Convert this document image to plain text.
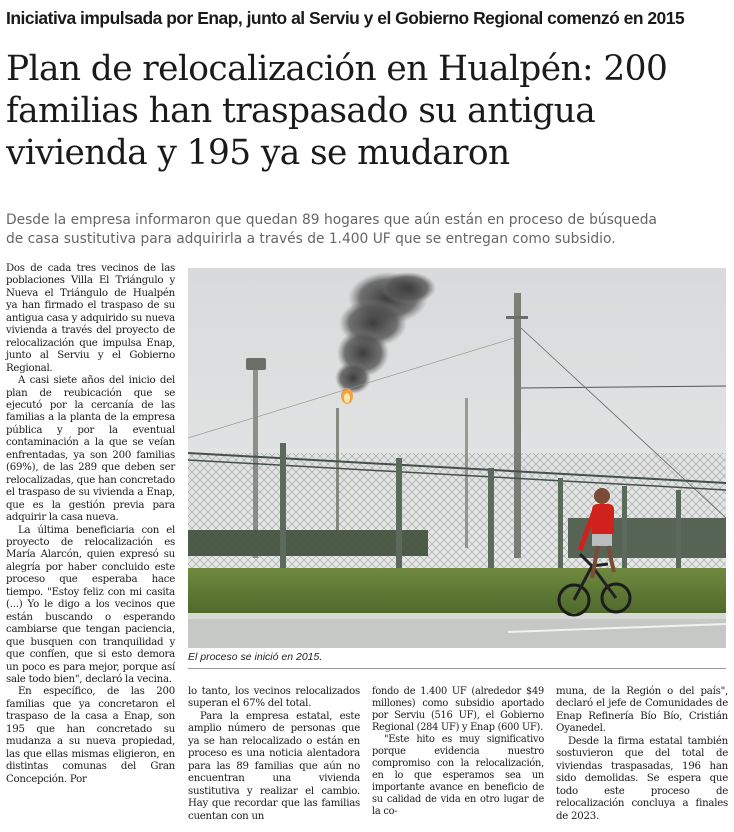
Iniciativa impulsada por Enap, junto al Serviu y el Gobierno Regional comenzó en 2015
Plan de relocalización en Hualpén: 200
familias han traspasado su antigua
vivienda y 195 ya se mudaron
Desde la empresa informaron que quedan 89 hogares que aún están en proceso de búsqueda
de casa sustitutiva para adquirirla a través de 1.400 UF que se entregan como subsidio.

Dos de cada tres vecinos de las poblaciones Villa El Triángulo y Nueva el Triángulo de Hualpén ya han firmado el traspaso de su antigua casa y adquirido su nueva vivienda a través del proyecto de relocalización que impulsa Enap, junto al Serviu y el Gobierno Regional.

A casi siete años del inicio del plan de reubicación que se ejecutó por la cercanía de las familias a la planta de la empresa pública y por la eventual contaminación a la que se veían enfrentadas, ya son 200 familias (69%), de las 289 que deben ser relocalizadas, que han concretado el traspaso de su vivienda a Enap, que es la gestión previa para adquirir la casa nueva.

La última beneficiaria con el proyecto de relocalización es María Alarcón, quien expresó su alegría por haber concluido este proceso que esperaba hace tiempo. "Estoy feliz con mi casita (...) Yo le digo a los vecinos que están buscando o esperando cambiarse que tengan paciencia, que busquen con tranquilidad y que confíen, que si esto demora un poco es para mejor, porque así sale todo bien", declaró la vecina.

En específico, de las 200 familias que ya concretaron el traspaso de la casa a Enap, son 195 que han concretado su mudanza a su nueva propiedad, las que ellas mismas eligieron, en distintas comunas del Gran Concepción. Por

El proceso se inició en 2015.

lo tanto, los vecinos relocalizados superan el 67% del total.

Para la empresa estatal, este amplio número de personas que ya se han relocalizado o están en proceso es una noticia alentadora para las 89 familias que aún no encuentran una vivienda sustitutiva y realizar el cambio. Hay que recordar que las familias cuentan con un

fondo de 1.400 UF (alrededor $49 millones) como subsidio aportado por Serviu (516 UF), el Gobierno Regional (284 UF) y Enap (600 UF).

"Este hito es muy significativo porque evidencia nuestro compromiso con la relocalización, en lo que esperamos sea un importante avance en beneficio de su calidad de vida en otro lugar de la co-

muna, de la Región o del país", declaró el jefe de Comunidades de Enap Refinería Bío Bío, Cristián Oyanedel.

Desde la firma estatal también sostuvieron que del total de viviendas traspasadas, 196 han sido demolidas. Se espera que todo este proceso de relocalización concluya a finales de 2023.
